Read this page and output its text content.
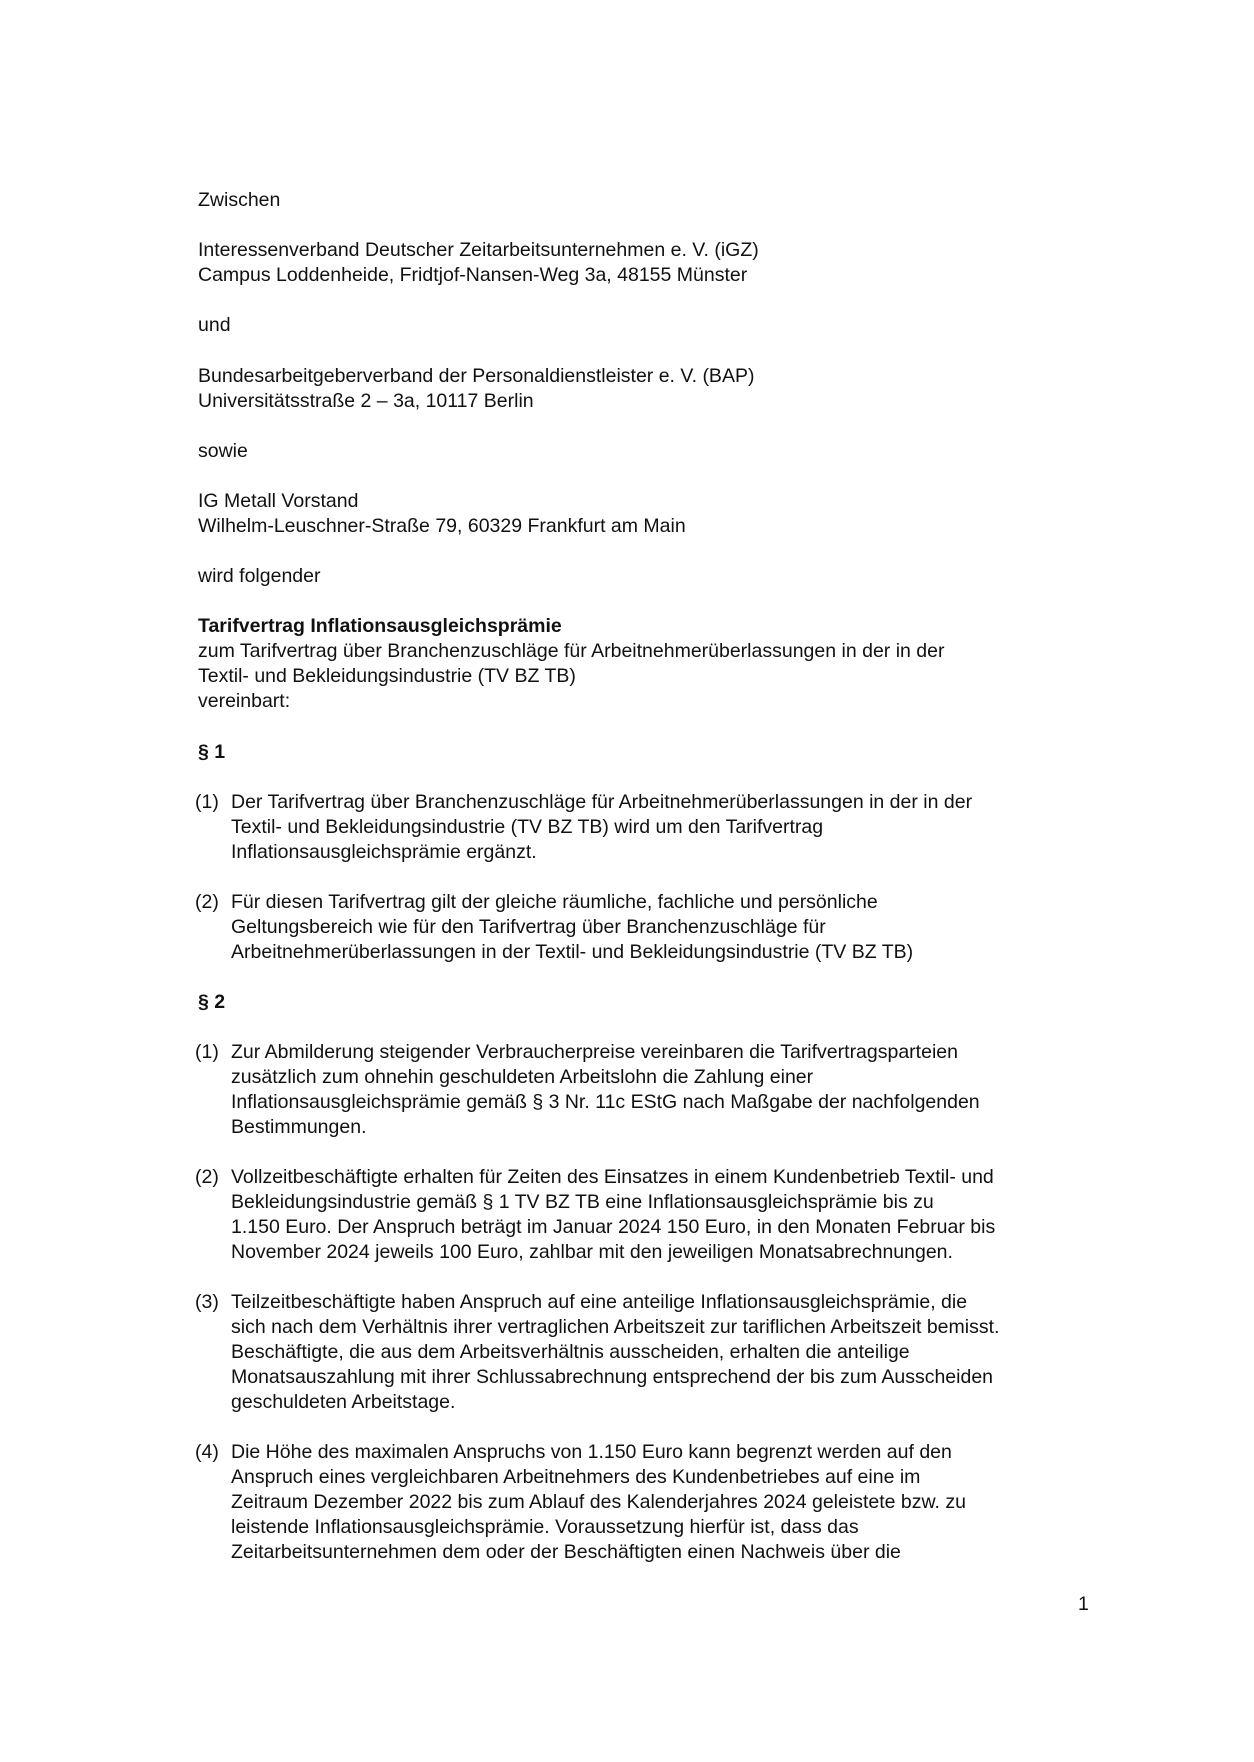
Zwischen
Interessenverband Deutscher Zeitarbeitsunternehmen e. V. (iGZ)
Campus Loddenheide, Fridtjof-Nansen-Weg 3a, 48155 Münster
und
Bundesarbeitgeberverband der Personaldienstleister e. V. (BAP)
Universitätsstraße 2 – 3a, 10117 Berlin
sowie
IG Metall Vorstand
Wilhelm-Leuschner-Straße 79, 60329 Frankfurt am Main
wird folgender
Tarifvertrag Inflationsausgleichsprämie
zum Tarifvertrag über Branchenzuschläge für Arbeitnehmerüberlassungen in der in der
Textil- und Bekleidungsindustrie (TV BZ TB)
vereinbart:
§ 1
(1) Der Tarifvertrag über Branchenzuschläge für Arbeitnehmerüberlassungen in der in der
Textil- und Bekleidungsindustrie (TV BZ TB) wird um den Tarifvertrag
Inflationsausgleichsprämie ergänzt.
(2) Für diesen Tarifvertrag gilt der gleiche räumliche, fachliche und persönliche
Geltungsbereich wie für den Tarifvertrag über Branchenzuschläge für
Arbeitnehmerüberlassungen in der Textil- und Bekleidungsindustrie (TV BZ TB)
§ 2
(1) Zur Abmilderung steigender Verbraucherpreise vereinbaren die Tarifvertragsparteien
zusätzlich zum ohnehin geschuldeten Arbeitslohn die Zahlung einer
Inflationsausgleichsprämie gemäß § 3 Nr. 11c EStG nach Maßgabe der nachfolgenden
Bestimmungen.
(2) Vollzeitbeschäftigte erhalten für Zeiten des Einsatzes in einem Kundenbetrieb Textil- und
Bekleidungsindustrie gemäß § 1 TV BZ TB eine Inflationsausgleichsprämie bis zu
1.150 Euro. Der Anspruch beträgt im Januar 2024 150 Euro, in den Monaten Februar bis
November 2024 jeweils 100 Euro, zahlbar mit den jeweiligen Monatsabrechnungen.
(3) Teilzeitbeschäftigte haben Anspruch auf eine anteilige Inflationsausgleichsprämie, die
sich nach dem Verhältnis ihrer vertraglichen Arbeitszeit zur tariflichen Arbeitszeit bemisst.
Beschäftigte, die aus dem Arbeitsverhältnis ausscheiden, erhalten die anteilige
Monatsauszahlung mit ihrer Schlussabrechnung entsprechend der bis zum Ausscheiden
geschuldeten Arbeitstage.
(4) Die Höhe des maximalen Anspruchs von 1.150 Euro kann begrenzt werden auf den
Anspruch eines vergleichbaren Arbeitnehmers des Kundenbetriebes auf eine im
Zeitraum Dezember 2022 bis zum Ablauf des Kalenderjahres 2024 geleistete bzw. zu
leistende Inflationsausgleichsprämie. Voraussetzung hierfür ist, dass das
Zeitarbeitsunternehmen dem oder der Beschäftigten einen Nachweis über die
1
